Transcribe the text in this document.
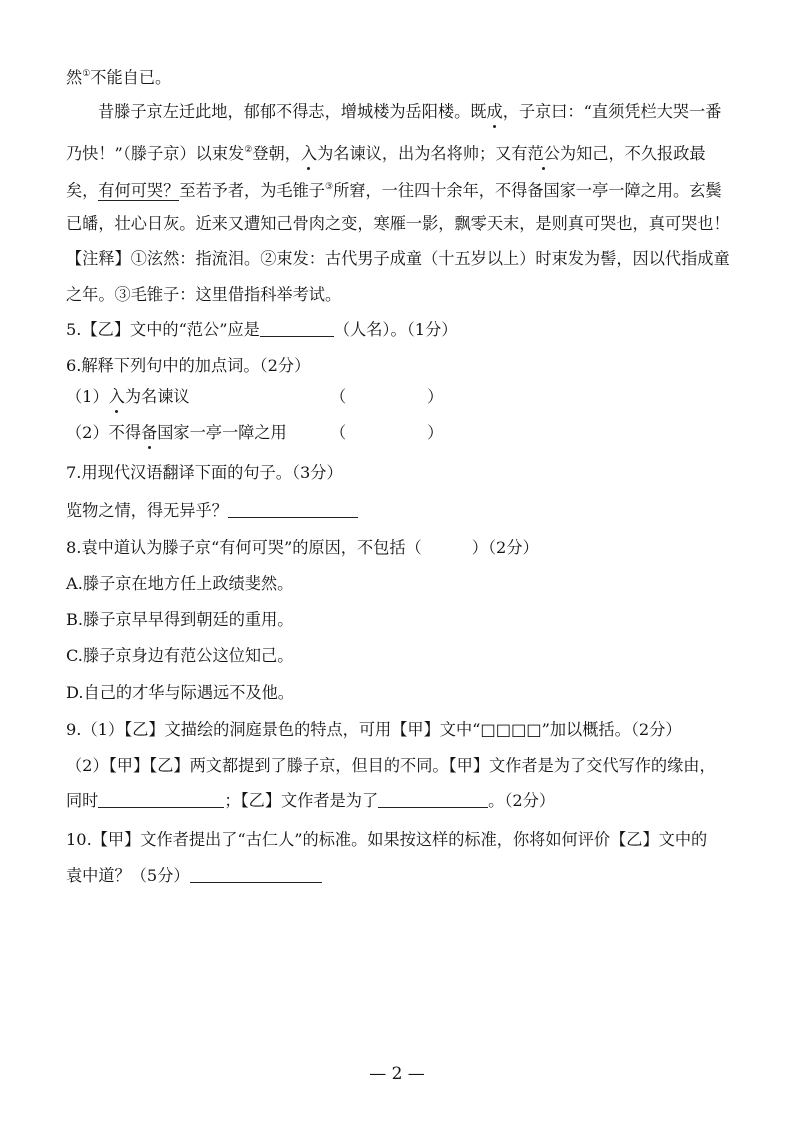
然①不能自已。
昔滕子京左迁此地，郁郁不得志，增城楼为岳阳楼。既成，子京曰：“直须凭栏大哭一番
乃快！”（滕子京）以束发②登朝，入为名谏议，出为名将帅；又有范公为知己，不久报政最
矣，有何可哭？至若予者，为毛锥子③所窘，一往四十余年，不得备国家一亭一障之用。玄鬓
已皤，壮心日灰。近来又遭知己骨肉之变，寒雁一影，飘零天末，是则真可哭也，真可哭也！
【注释】①泫然：指流泪。②束发：古代男子成童（十五岁以上）时束发为髻，因以代指成童
之年。③毛锥子：这里借指科举考试。
5.【乙】文中的“范公”应是	（人名）。（1分）
6.解释下列句中的加点词。（2分）
（1）入为名谏议	（　　　　　）
（2）不得备国家一亭一障之用	（　　　　　）
7.用现代汉语翻译下面的句子。（3分）
览物之情，得无异乎？
8.袁中道认为滕子京“有何可哭”的原因，不包括（	）（2分）
A.滕子京在地方任上政绩斐然。
B.滕子京早早得到朝廷的重用。
C.滕子京身边有范公这位知己。
D.自己的才华与际遇远不及他。
9.（1）【乙】文描绘的洞庭景色的特点，可用【甲】文中“□□□□”加以概括。（2分）
（2）【甲】【乙】两文都提到了滕子京，但目的不同。【甲】文作者是为了交代写作的缘由，
同时	；【乙】文作者是为了	。（2分）
10.【甲】文作者提出了“古仁人”的标准。如果按这样的标准，你将如何评价【乙】文中的
袁中道？（5分）
— 2 —
